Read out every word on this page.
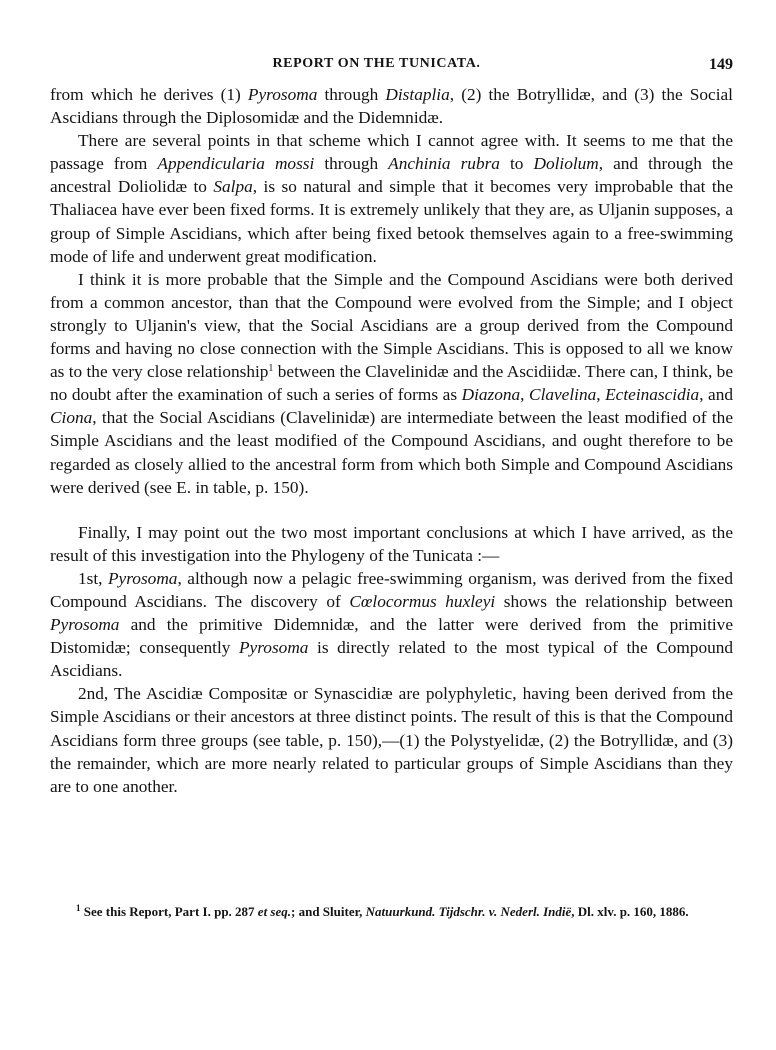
REPORT ON THE TUNICATA.	149

from which he derives (1) Pyrosoma through Distaplia, (2) the Botryllidæ, and (3) the Social Ascidians through the Diplosomidæ and the Didemnidæ.

There are several points in that scheme which I cannot agree with. It seems to me that the passage from Appendicularia mossi through Anchinia rubra to Doliolum, and through the ancestral Doliolidæ to Salpa, is so natural and simple that it becomes very improbable that the Thaliacea have ever been fixed forms. It is extremely unlikely that they are, as Uljanin supposes, a group of Simple Ascidians, which after being fixed betook themselves again to a free-swimming mode of life and underwent great modification.

I think it is more probable that the Simple and the Compound Ascidians were both derived from a common ancestor, than that the Compound were evolved from the Simple; and I object strongly to Uljanin's view, that the Social Ascidians are a group derived from the Compound forms and having no close connection with the Simple Ascidians. This is opposed to all we know as to the very close relationship$^1$ between the Clavelinidæ and the Ascidiidæ. There can, I think, be no doubt after the examination of such a series of forms as Diazona, Clavelina, Ecteinascidia, and Ciona, that the Social Ascidians (Clavelinidæ) are intermediate between the least modified of the Simple Ascidians and the least modified of the Compound Ascidians, and ought therefore to be regarded as closely allied to the ancestral form from which both Simple and Compound Ascidians were derived (see E. in table, p. 150).

Finally, I may point out the two most important conclusions at which I have arrived, as the result of this investigation into the Phylogeny of the Tunicata :—

1st, Pyrosoma, although now a pelagic free-swimming organism, was derived from the fixed Compound Ascidians. The discovery of Cœlocormus huxleyi shows the relationship between Pyrosoma and the primitive Didemnidæ, and the latter were derived from the primitive Distomidæ; consequently Pyrosoma is directly related to the most typical of the Compound Ascidians.

2nd, The Ascidiæ Compositæ or Synascidiæ are polyphyletic, having been derived from the Simple Ascidians or their ancestors at three distinct points. The result of this is that the Compound Ascidians form three groups (see table, p. 150),—(1) the Polystyelidæ, (2) the Botryllidæ, and (3) the remainder, which are more nearly related to particular groups of Simple Ascidians than they are to one another.

$^1$ See this Report, Part I. pp. 287 et seq.; and Sluiter, Natuurkund. Tijdschr. v. Nederl. Indië, Dl. xlv. p. 160, 1886.
